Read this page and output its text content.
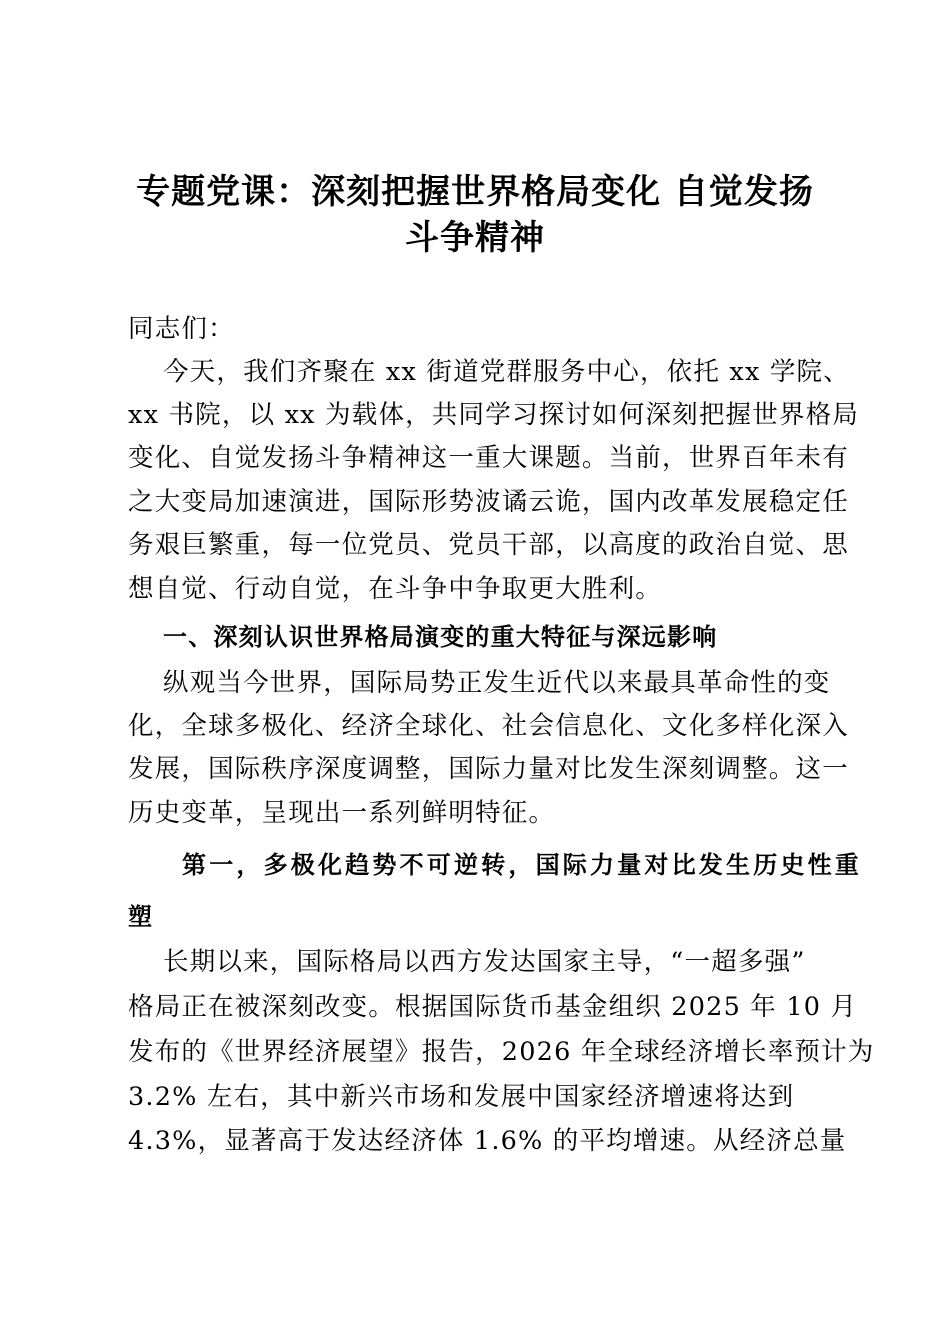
专题党课：深刻把握世界格局变化 自觉发扬
斗争精神
同志们：
今天，我们齐聚在 xx 街道党群服务中心，依托 xx 学院、
xx 书院，以 xx 为载体，共同学习探讨如何深刻把握世界格局
变化、自觉发扬斗争精神这一重大课题。当前，世界百年未有
之大变局加速演进，国际形势波谲云诡，国内改革发展稳定任
务艰巨繁重，每一位党员、党员干部，以高度的政治自觉、思
想自觉、行动自觉，在斗争中争取更大胜利。
一、深刻认识世界格局演变的重大特征与深远影响
纵观当今世界，国际局势正发生近代以来最具革命性的变
化，全球多极化、经济全球化、社会信息化、文化多样化深入
发展，国际秩序深度调整，国际力量对比发生深刻调整。这一
历史变革，呈现出一系列鲜明特征。
第一，多极化趋势不可逆转，国际力量对比发生历史性重
塑
长期以来，国际格局以西方发达国家主导，“一超多强”
格局正在被深刻改变。根据国际货币基金组织 2025 年 10 月
发布的《世界经济展望》报告，2026 年全球经济增长率预计为
3.2% 左右，其中新兴市场和发展中国家经济增速将达到
4.3%，显著高于发达经济体 1.6% 的平均增速。从经济总量
